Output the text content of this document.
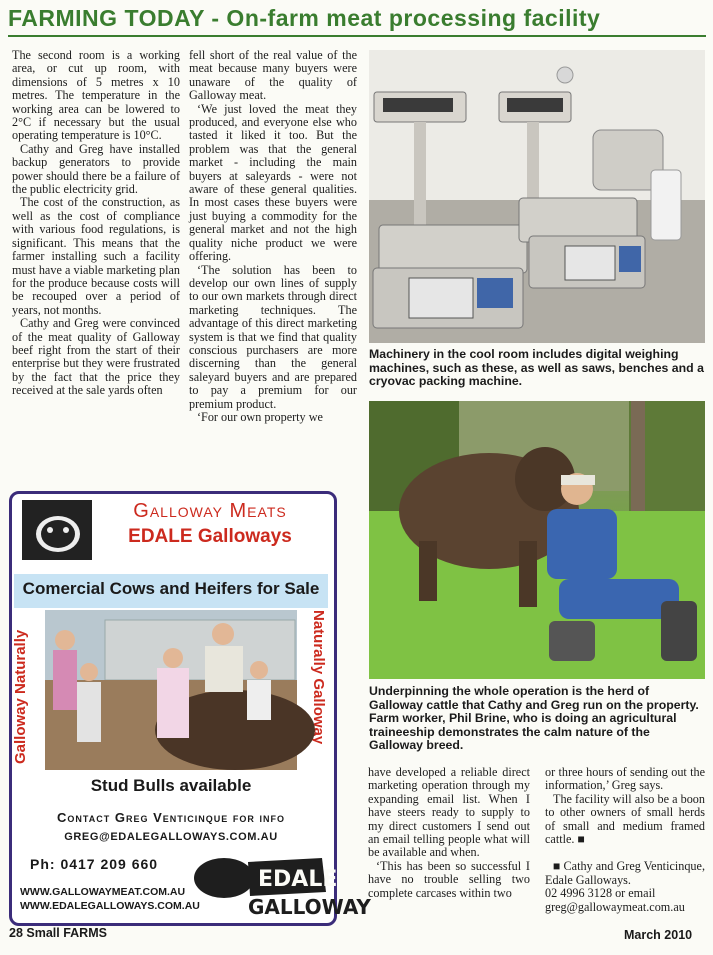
FARMING TODAY - On-farm meat processing facility

The second room is a working area, or cut up room, with dimensions of 5 metres x 10 metres. The temperature in the working area can be lowered to 2°C if necessary but the usual operating temperature is 10°C.

Cathy and Greg have installed backup generators to provide power should there be a failure of the public electricity grid.

The cost of the construction, as well as the cost of compliance with various food regulations, is significant. This means that the farmer installing such a facility must have a viable marketing plan for the produce because costs will be recouped over a period of years, not months.

Cathy and Greg were convinced of the meat quality of Galloway beef right from the start of their enterprise but they were frustrated by the fact that the price they received at the sale yards often

fell short of the real value of the meat because many buyers were unaware of the quality of Galloway meat.

‘We just loved the meat they produced, and everyone else who tasted it liked it too. But the problem was that the general market - including the main buyers at saleyards - were not aware of these general qualities. In most cases these buyers were just buying a commodity for the general market and not the high quality niche product we were offering.

‘The solution has been to develop our own lines of supply to our own markets through direct marketing techniques. The advantage of this direct marketing system is that we find that quality conscious purchasers are more discerning than the general saleyard buyers and are prepared to pay a premium for our premium product.

‘For our own property we

Machinery in the cool room includes digital weighing machines, such as these, as well as saws, benches and a cryovac packing machine.
Underpinning the whole operation is the herd of Galloway cattle that Cathy and Greg run on the property. Farm worker, Phil Brine, who is doing an agricultural traineeship demonstrates the calm nature of the Galloway breed.

have developed a reliable direct marketing operation through my expanding email list. When I have steers ready to supply to my direct customers I send out an email telling people what will be available and when.

‘This has been so successful I have no trouble selling two complete carcases within two

or three hours of sending out the information,’ Greg says.

The facility will also be a boon to other owners of small herds of small and medium framed cattle. ■

■ Cathy and Greg Venticinque, Edale Galloways.

02 4996 3128 or email

greg@gallowaymeat.com.au

Galloway Meats
EDALE Galloways
Comercial Cows and Heifers for Sale
Galloway Naturally	Naturally Galloway
Stud Bulls available
Contact Greg Venticinque for info
GREG@EDALEGALLOWAYS.COM.AU
Ph: 0417 209 660
WWW.GALLOWAYMEAT.COM.AU
WWW.EDALEGALLOWAYS.COM.AU
EDALE
GALLOWAY
28 Small FARMS	March 2010
